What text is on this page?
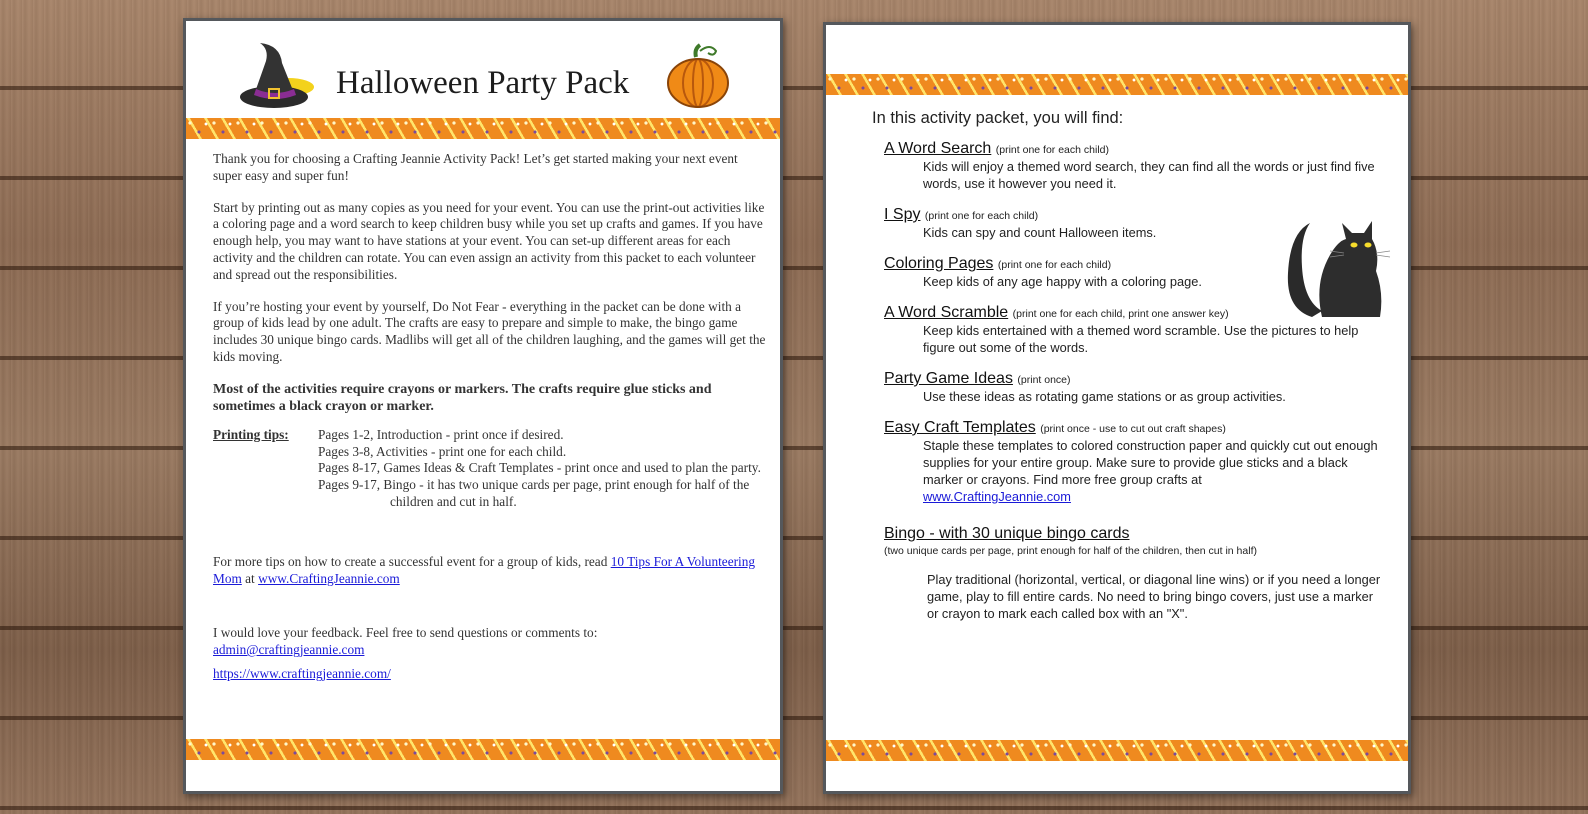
Halloween Party Pack

Thank you for choosing a Crafting Jeannie Activity Pack! Let’s get started making your next event super easy and super fun!

Start by printing out as many copies as you need for your event. You can use the print-out activities like a coloring page and a word search to keep children busy while you set up crafts and games. If you have enough help, you may want to have stations at your event. You can set-up different areas for each activity and the children can rotate. You can even assign an activity from this packet to each volunteer and spread out the responsibilities.

If you’re hosting your event by yourself, Do Not Fear - everything in the packet can be done with a group of kids lead by one adult. The crafts are easy to prepare and simple to make, the bingo game includes 30 unique bingo cards. Madlibs will get all of the children laughing, and the games will get the kids moving.

Most of the activities require crayons or markers. The crafts require glue sticks and sometimes a black crayon or marker.

Printing tips:	Pages 1-2, Introduction - print once if desired.
Pages 3-8, Activities - print one for each child.
Pages 8-17, Games Ideas & Craft Templates - print once and used to plan the party.
Pages 9-17, Bingo - it has two unique cards per page, print enough for half of the children and cut in half.

For more tips on how to create a successful event for a group of kids, read 10 Tips For A Volunteering Mom at www.CraftingJeannie.com

I would love your feedback. Feel free to send questions or comments to:
admin@craftingjeannie.com

https://www.craftingjeannie.com/

In this activity packet, you will find:
A Word Search (print one for each child)
Kids will enjoy a themed word search, they can find all the words or just find five words, use it however you need it.
I Spy (print one for each child)
Kids can spy and count Halloween items.
Coloring Pages (print one for each child)
Keep kids of any age happy with a coloring page.
A Word Scramble (print one for each child, print one answer key)
Keep kids entertained with a themed word scramble. Use the pictures to help figure out some of the words.
Party Game Ideas (print once)
Use these ideas as rotating game stations or as group activities.
Easy Craft Templates (print once - use to cut out craft shapes)
Staple these templates to colored construction paper and quickly cut out enough supplies for your entire group. Make sure to provide glue sticks and a black marker or crayons. Find more free group crafts at
www.CraftingJeannie.com
Bingo - with 30 unique bingo cards
(two unique cards per page, print enough for half of the children, then cut in half)
Play traditional (horizontal, vertical, or diagonal line wins) or if you need a longer game, play to fill entire cards. No need to bring bingo covers, just use a marker or crayon to mark each called box with an "X".
